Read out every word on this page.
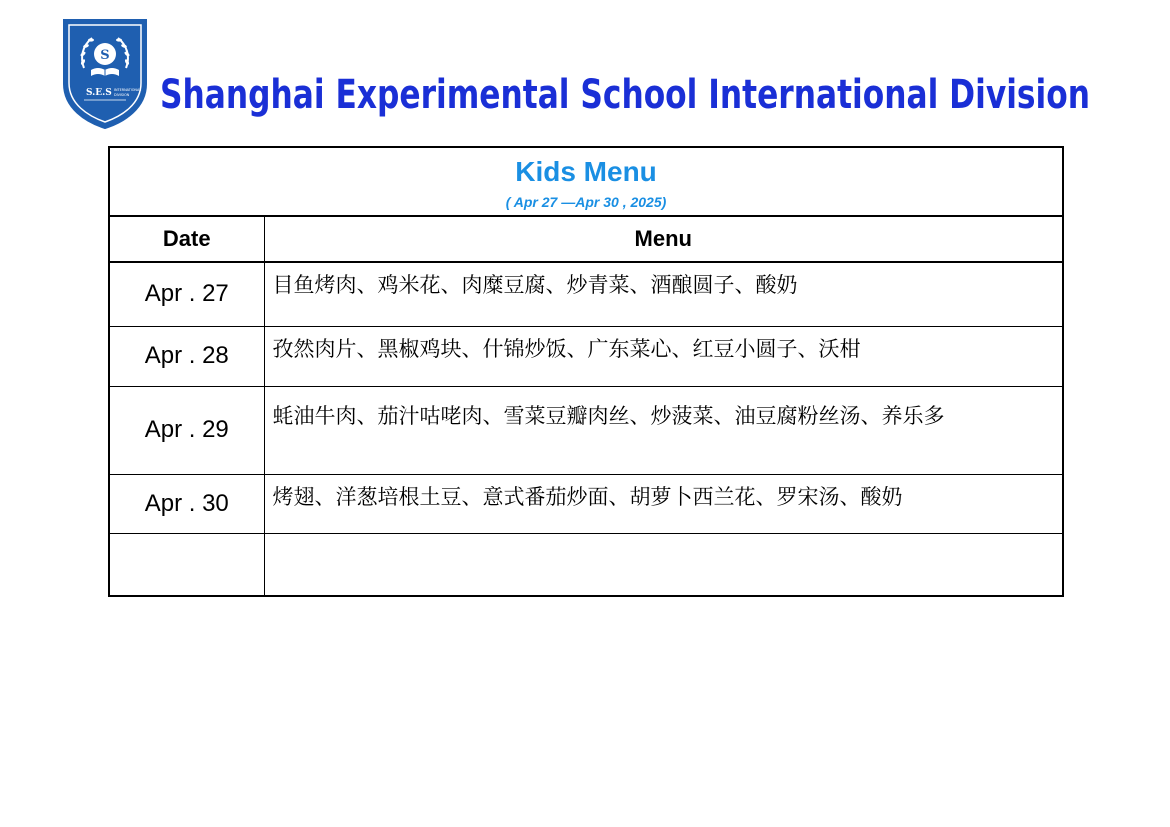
S
S.E.S INTERNATIONAL
DIVISION Shanghai Experimental School International Division
Kids Menu
( Apr 27 —Apr 30 , 2025)	

Date	Menu
Apr . 27	目鱼烤肉、鸡米花、肉糜豆腐、炒青菜、酒酿圆子、酸奶
Apr . 28	孜然肉片、黑椒鸡块、什锦炒饭、广东菜心、红豆小圆子、沃柑
Apr . 29	蚝油牛肉、茄汁咕咾肉、雪菜豆瓣肉丝、炒菠菜、油豆腐粉丝汤、养乐多
Apr . 30	烤翅、洋葱培根土豆、意式番茄炒面、胡萝卜西兰花、罗宋汤、酸奶
